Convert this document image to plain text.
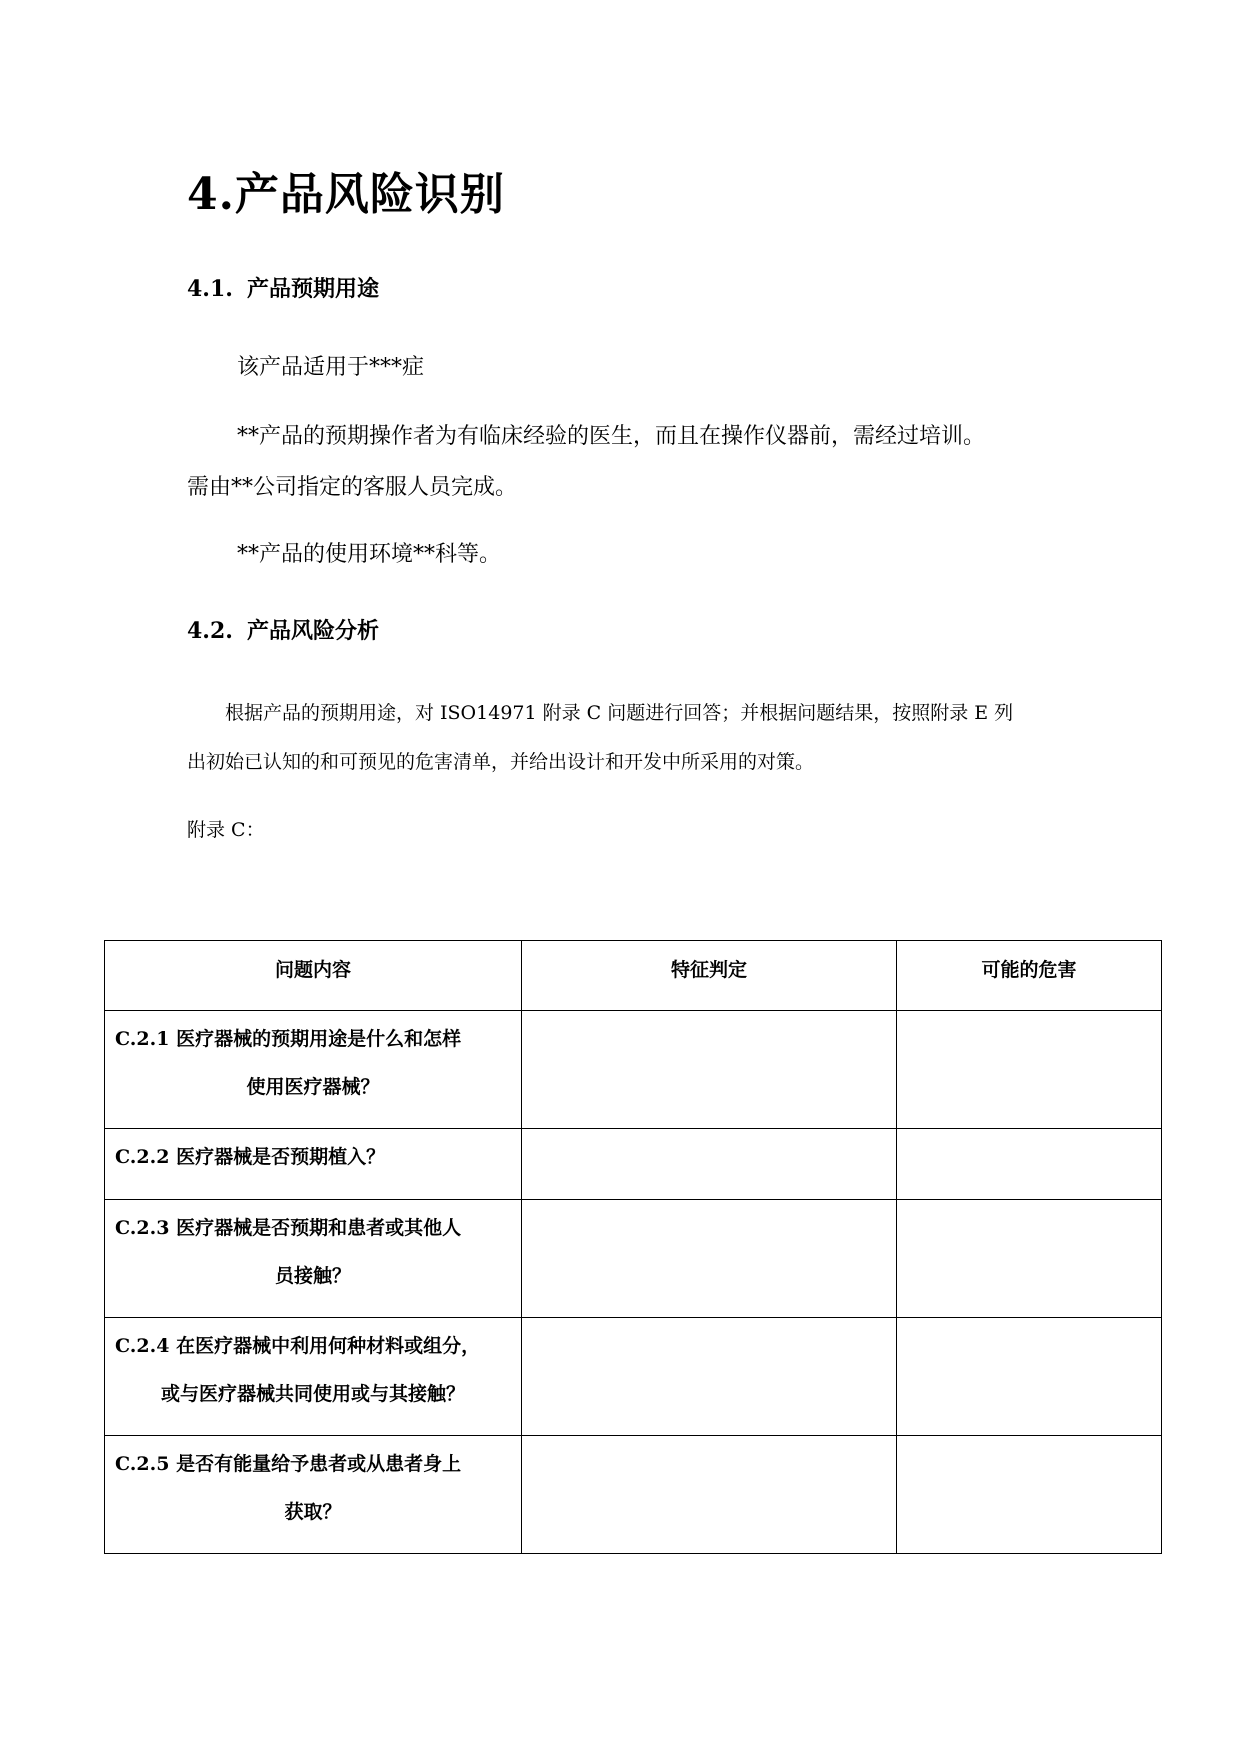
4.产品风险识别
4.1. 产品预期用途
该产品适用于***症
**产品的预期操作者为有临床经验的医生，而且在操作仪器前，需经过培训。
需由**公司指定的客服人员完成。
**产品的使用环境**科等。
4.2. 产品风险分析
根据产品的预期用途，对 ISO14971 附录 C 问题进行回答；并根据问题结果，按照附录 E 列
出初始已认知的和可预见的危害清单，并给出设计和开发中所采用的对策。
附录 C：
问题内容	特征判定	可能的危害

C.2.1 医疗器械的预期用途是什么和怎样
使用医疗器械？		

C.2.2 医疗器械是否预期植入？		

C.2.3 医疗器械是否预期和患者或其他人
员接触？		

C.2.4 在医疗器械中利用何种材料或组分，
或与医疗器械共同使用或与其接触？		

C.2.5 是否有能量给予患者或从患者身上
获取？		
